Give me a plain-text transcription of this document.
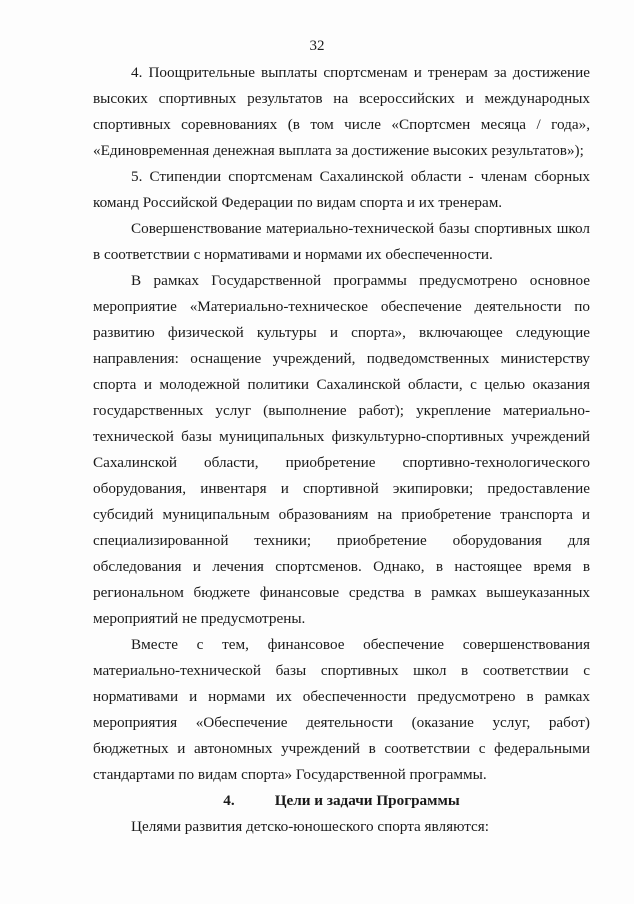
32

4. Поощрительные выплаты спортсменам и тренерам за достижение высоких спортивных результатов на всероссийских и международных спортивных соревнованиях (в том числе «Спортсмен месяца / года», «Единовременная денежная выплата за достижение высоких результатов»);

5. Стипендии спортсменам Сахалинской области - членам сборных команд Российской Федерации по видам спорта и их тренерам.

Совершенствование материально-технической базы спортивных школ в соответствии с нормативами и нормами их обеспеченности.

В рамках Государственной программы предусмотрено основное мероприятие «Материально-техническое обеспечение деятельности по развитию физической культуры и спорта», включающее следующие направления: оснащение учреждений, подведомственных министерству спорта и молодежной политики Сахалинской области, с целью оказания государственных услуг (выполнение работ); укрепление материально-технической базы муниципальных физкультурно-спортивных учреждений Сахалинской области, приобретение спортивно-технологического оборудования, инвентаря и спортивной экипировки; предоставление субсидий муниципальным образованиям на приобретение транспорта и специализированной техники; приобретение оборудования для обследования и лечения спортсменов. Однако, в настоящее время в региональном бюджете финансовые средства в рамках вышеуказанных мероприятий не предусмотрены.

Вместе с тем, финансовое обеспечение совершенствования материально-технической базы спортивных школ в соответствии с нормативами и нормами их обеспеченности предусмотрено в рамках мероприятия «Обеспечение деятельности (оказание услуг, работ) бюджетных и автономных учреждений в соответствии с федеральными стандартами по видам спорта» Государственной программы.

4.	Цели и задачи Программы

Целями развития детско-юношеского спорта являются:
